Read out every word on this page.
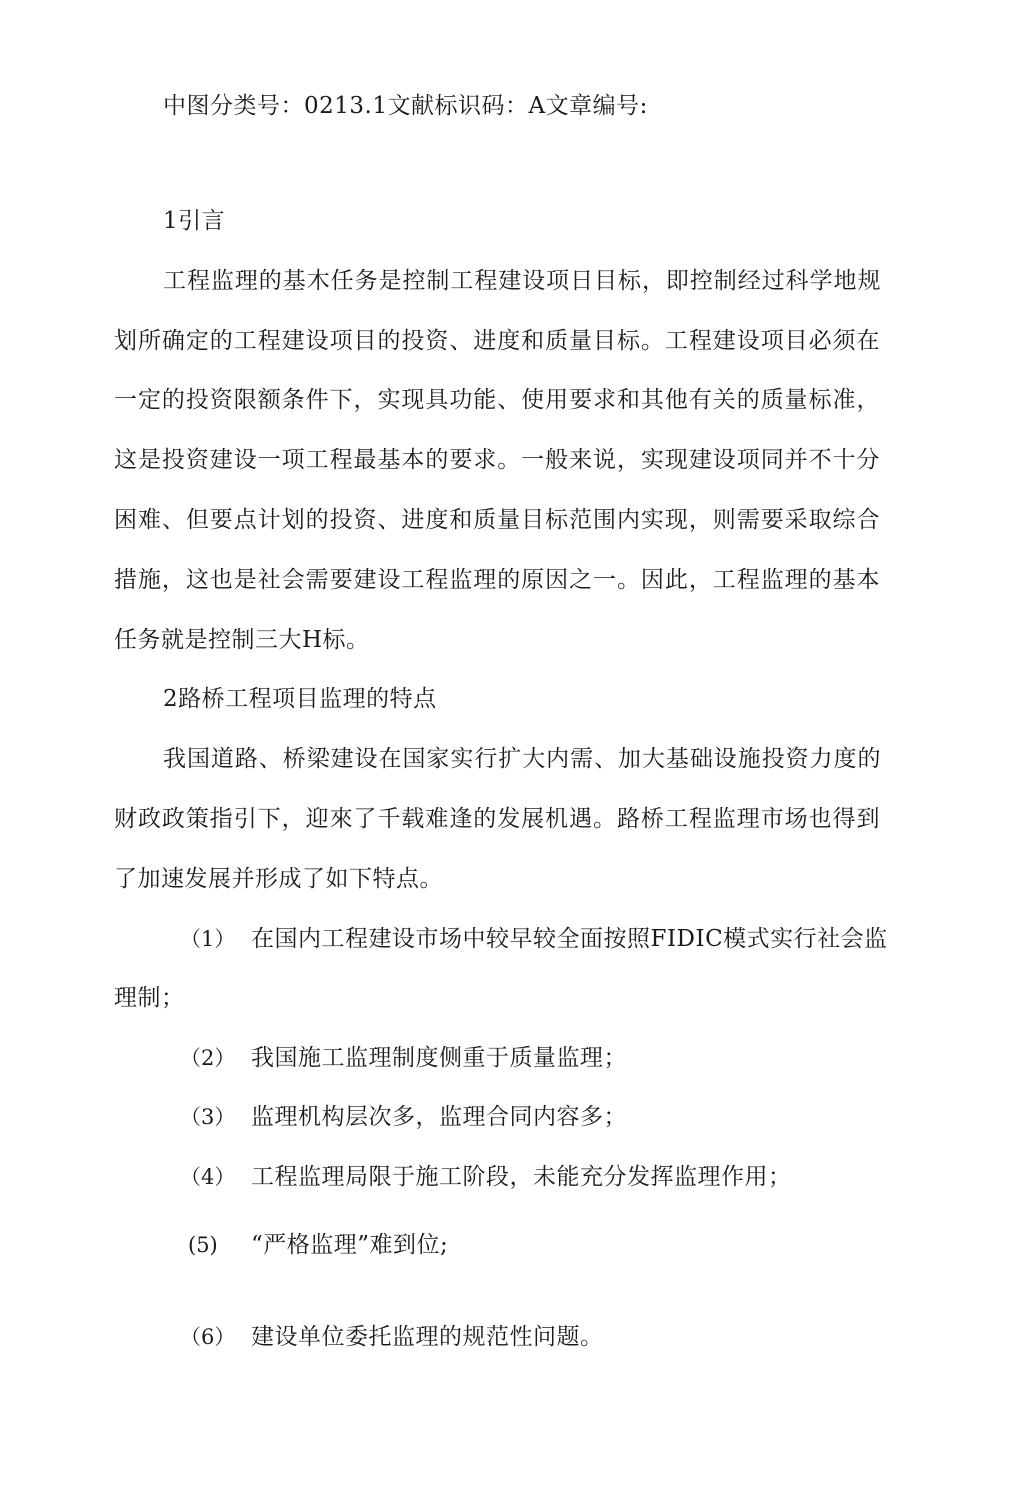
中图分类号：0213.1文献标识码：A文章编号:
1引言
工程监理的基木任务是控制工程建设项日目标，即控制经过科学地规
划所确定的工程建设项目的投资、进度和质量目标。工程建设项目必须在
一定的投资限额条件下，实现具功能、使用要求和其他有关的质量标准，
这是投资建设一项工程最基本的要求。一般来说，实现建设项同并不十分
困难、但要点计划的投资、进度和质量目标范围内实现，则需要采取综合
措施，这也是社会需要建设工程监理的原因之一。因此，工程监理的基本
任务就是控制三大H标。
2路桥工程项目监理的特点
我国道路、桥梁建设在国家实行扩大内需、加大基础设施投资力度的
财政政策指引下，迎來了千载难逢的发展机遇。路桥工程监理市场也得到
了加速发展并形成了如下特点。
（1） 在国内工程建设市场中较早较全面按照FIDIC模式实行社会监
理制；
（2） 我国施工监理制度侧重于质量监理；
（3） 监理机构层次多，监理合同内容多；
（4） 工程监理局限于施工阶段，未能充分发挥监理作用；
(5) “严格监理”难到位;
（6） 建设单位委托监理的规范性问题。
